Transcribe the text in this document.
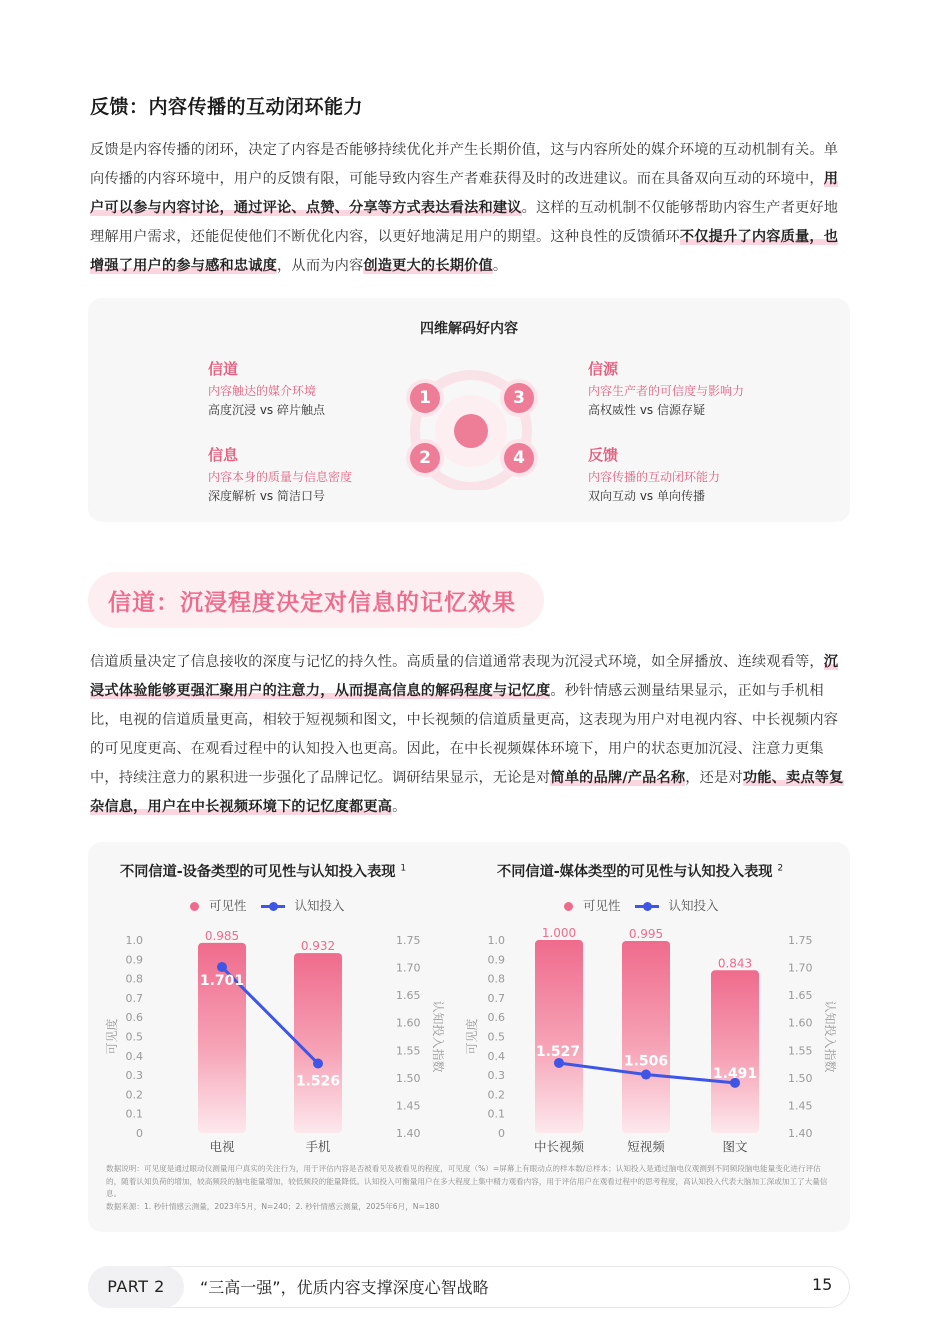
反馈：内容传播的互动闭环能力
反馈是内容传播的闭环，决定了内容是否能够持续优化并产生长期价值，这与内容所处的媒介环境的互动机制有关。单向传播的内容环境中，用户的反馈有限，可能导致内容生产者难获得及时的改进建议。而在具备双向互动的环境中，用户可以参与内容讨论，通过评论、点赞、分享等方式表达看法和建议。这样的互动机制不仅能够帮助内容生产者更好地理解用户需求，还能促使他们不断优化内容，以更好地满足用户的期望。这种良性的反馈循环不仅提升了内容质量，也增强了用户的参与感和忠诚度，从而为内容创造更大的长期价值。
四维解码好内容
信道
内容触达的媒介环境
高度沉浸 vs 碎片触点
信息
内容本身的质量与信息密度
深度解析 vs 简洁口号
信源
内容生产者的可信度与影响力
高权威性 vs 信源存疑
反馈
内容传播的互动闭环能力
双向互动 vs 单向传播
1
2
3
4
信道：沉浸程度决定对信息的记忆效果
信道质量决定了信息接收的深度与记忆的持久性。高质量的信道通常表现为沉浸式环境，如全屏播放、连续观看等，沉浸式体验能够更强汇聚用户的注意力，从而提高信息的解码程度与记忆度。秒针情感云测量结果显示，正如与手机相比，电视的信道质量更高，相较于短视频和图文，中长视频的信道质量更高，这表现为用户对电视内容、中长视频内容的可见度更高、在观看过程中的认知投入也更高。因此，在中长视频媒体环境下，用户的状态更加沉浸、注意力更集中，持续注意力的累积进一步强化了品牌记忆。调研结果显示，无论是对简单的品牌/产品名称，还是对功能、卖点等复杂信息，用户在中长视频环境下的记忆度都更高。
不同信道-设备类型的可见性与认知投入表现 $^1$	不同信道-媒体类型的可见性与认知投入表现 $^2$
可见性	认知投入	可见性	认知投入
1.0
0.9
0.8
0.7
0.6
0.5
0.4
0.3
0.2
0.1
0
1.75
1.70
1.65
1.60
1.55
1.50
1.45
1.40
可见度	认知投入指数
0.985
电视
0.932
手机
1.701
1.526
1.0
0.9
0.8
0.7
0.6
0.5
0.4
0.3
0.2
0.1
0
1.75
1.70
1.65
1.60
1.55
1.50
1.45
1.40
可见度	认知投入指数
1.000
中长视频
0.995
短视频
0.843
图文
1.527
1.506
1.491
数据说明：可见度是通过眼动仪测量用户真实的关注行为，用于评估内容是否被看见及被看见的程度，可见度（%）=屏幕上有眼动点的样本数/总样本；认知投入是通过脑电仪观测到不同频段脑电能量变化进行评估的，随着认知负荷的增加，较高频段的脑电能量增加，较低频段的能量降低。认知投入可衡量用户在多大程度上集中精力观看内容，用于评估用户在观看过程中的思考程度，高认知投入代表大脑加工深或加工了大量信息。
数据来源：1. 秒针情感云测量，2023年5月，N=240；2. 秒针情感云测量，2025年6月，N=180
PART 2	“三高一强”，优质内容支撑深度心智战略	15
